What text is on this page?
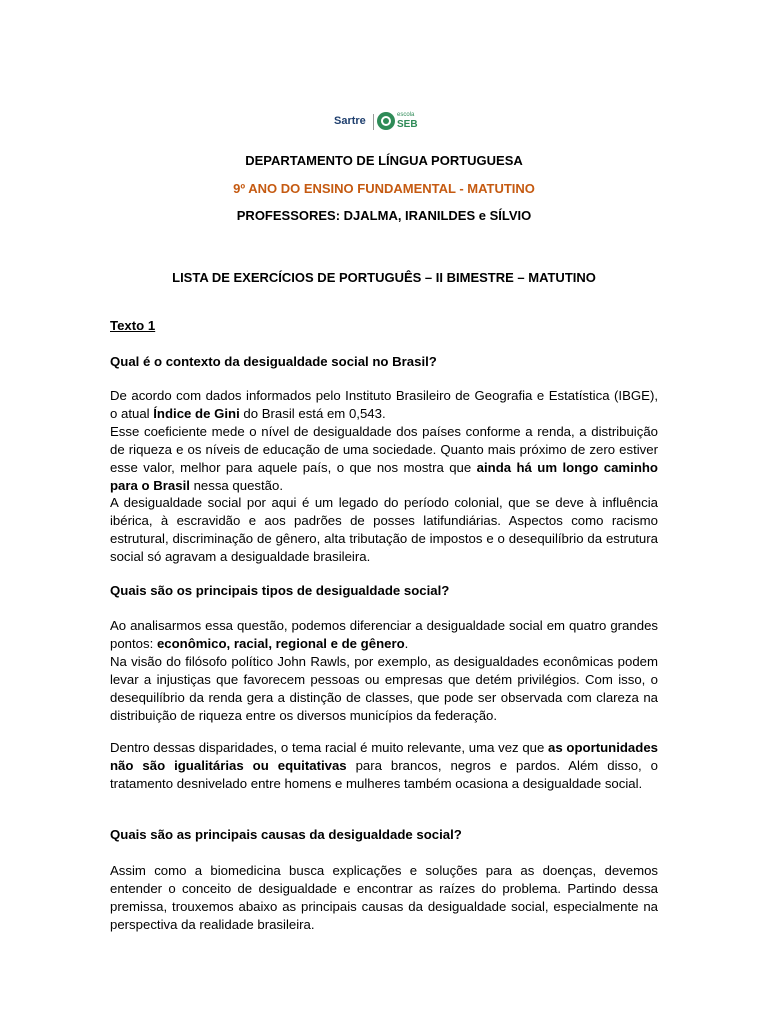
Sartre	escola
SEB
DEPARTAMENTO DE LÍNGUA PORTUGUESA
9º ANO DO ENSINO FUNDAMENTAL - MATUTINO
PROFESSORES: DJALMA, IRANILDES e SÍLVIO
LISTA DE EXERCÍCIOS DE PORTUGUÊS – II BIMESTRE – MATUTINO
Texto 1
Qual é o contexto da desigualdade social no Brasil?
De acordo com dados informados pelo Instituto Brasileiro de Geografia e Estatística (IBGE), o atual Índice de Gini do Brasil está em 0,543.
Esse coeficiente mede o nível de desigualdade dos países conforme a renda, a distribuição de riqueza e os níveis de educação de uma sociedade. Quanto mais próximo de zero estiver esse valor, melhor para aquele país, o que nos mostra que ainda há um longo caminho para o Brasil nessa questão.
A desigualdade social por aqui é um legado do período colonial, que se deve à influência ibérica, à escravidão e aos padrões de posses latifundiárias. Aspectos como racismo estrutural, discriminação de gênero, alta tributação de impostos e o desequilíbrio da estrutura social só agravam a desigualdade brasileira.
Quais são os principais tipos de desigualdade social?
Ao analisarmos essa questão, podemos diferenciar a desigualdade social em quatro grandes pontos: econômico, racial, regional e de gênero.
Na visão do filósofo político John Rawls, por exemplo, as desigualdades econômicas podem levar a injustiças que favorecem pessoas ou empresas que detém privilégios. Com isso, o desequilíbrio da renda gera a distinção de classes, que pode ser observada com clareza na distribuição de riqueza entre os diversos municípios da federação.
Dentro dessas disparidades, o tema racial é muito relevante, uma vez que as oportunidades não são igualitárias ou equitativas para brancos, negros e pardos. Além disso, o tratamento desnivelado entre homens e mulheres também ocasiona a desigualdade social.
Quais são as principais causas da desigualdade social?
Assim como a biomedicina busca explicações e soluções para as doenças, devemos entender o conceito de desigualdade e encontrar as raízes do problema. Partindo dessa premissa, trouxemos abaixo as principais causas da desigualdade social, especialmente na perspectiva da realidade brasileira.
